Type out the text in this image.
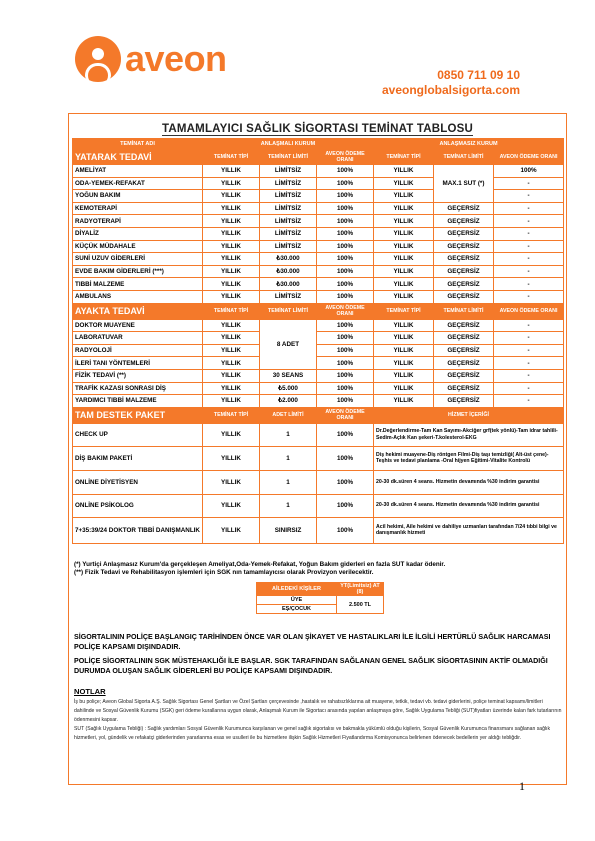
aveon	0850 711 09 10
aveonglobalsigorta.com
TAMAMLAYICI SAĞLIK SİGORTASI TEMİNAT TABLOSU
TEMİNAT ADI	ANLAŞMALI KURUM			ANLAŞMASIZ KURUM		
YATARAK TEDAVİ	TEMİNAT TİPİ	TEMİNAT LİMİTİ	AVEON ÖDEME ORANI	TEMİNAT TİPİ	TEMİNAT LİMİTİ	AVEON ÖDEME ORANI
AMELİYAT	YILLIK	LİMİTSİZ	100%	YILLIK	MAX.1 SUT (*)	100%
ODA-YEMEK-REFAKAT	YILLIK	LİMİTSİZ	100%	YILLIK		-
YOĞUN BAKIM	YILLIK	LİMİTSİZ	100%	YILLIK		-
KEMOTERAPİ	YILLIK	LİMİTSİZ	100%	YILLIK	GEÇERSİZ	-
RADYOTERAPİ	YILLIK	LİMİTSİZ	100%	YILLIK	GEÇERSİZ	-
DİYALİZ	YILLIK	LİMİTSİZ	100%	YILLIK	GEÇERSİZ	-
KÜÇÜK MÜDAHALE	YILLIK	LİMİTSİZ	100%	YILLIK	GEÇERSİZ	-
SUNİ UZUV GİDERLERİ	YILLIK	₺30.000	100%	YILLIK	GEÇERSİZ	-
EVDE BAKIM GİDERLERİ (***)	YILLIK	₺30.000	100%	YILLIK	GEÇERSİZ	-
TIBBİ MALZEME	YILLIK	₺30.000	100%	YILLIK	GEÇERSİZ	-
AMBULANS	YILLIK	LİMİTSİZ	100%	YILLIK	GEÇERSİZ	-
AYAKTA TEDAVİ	TEMİNAT TİPİ	TEMİNAT LİMİTİ	AVEON ÖDEME ORANI	TEMİNAT TİPİ	TEMİNAT LİMİTİ	AVEON ÖDEME ORANI
DOKTOR MUAYENE	YILLIK	8 ADET	100%	YILLIK	GEÇERSİZ	-
LABORATUVAR	YILLIK		100%	YILLIK	GEÇERSİZ	-
RADYOLOJİ	YILLIK		100%	YILLIK	GEÇERSİZ	-
İLERİ TANI YÖNTEMLERİ	YILLIK		100%	YILLIK	GEÇERSİZ	-
FİZİK TEDAVİ (**)	YILLIK	30 SEANS	100%	YILLIK	GEÇERSİZ	-
TRAFİK KAZASI SONRASI DİŞ	YILLIK	₺5.000	100%	YILLIK	GEÇERSİZ	-
YARDIMCI TIBBİ MALZEME	YILLIK	₺2.000	100%	YILLIK	GEÇERSİZ	-
TAM DESTEK PAKET	TEMİNAT TİPİ	ADET LİMİTİ	AVEON ÖDEME ORANI	HİZMET İÇERİĞİ		
CHECK UP	YILLIK	1	100%	Dr.Değerlendirme-Tam Kan Sayımı-Akciğer grf(tek yönlü)-Tam idrar tahlili-Sedim-Açlık Kan şekeri-T.kolesterol-EKG		
DİŞ BAKIM PAKETİ	YILLIK	1	100%	Diş hekimi muayene-Diş röntgen Filmi-Diş taşı temizliği( Alt-üst çene)- Teşhis ve tedavi planlama -Oral hijyen Eğitimi-Vitalite Kontrolü		
ONLİNE DİYETİSYEN	YILLIK	1	100%	20-30 dk.süren 4 seans. Hizmetin devamında %30 indirim garantisi		
ONLİNE PSİKOLOG	YILLIK	1	100%	20-30 dk.süren 4 seans. Hizmetin devamında %30 indirim garantisi		
7+35:39/24 DOKTOR TIBBİ DANIŞMANLIK	YILLIK	SINIRSIZ	100%	Acil hekimi, Aile hekimi ve dahiliye uzmanları tarafından 7/24 tıbbi bilgi ve danışmanlık hizmeti		
(*) Yurtiçi Anlaşmasız Kurum'da gerçekleşen Ameliyat,Oda-Yemek-Refakat, Yoğun Bakım giderleri en fazla SUT kadar ödenir.
(**) Fizik Tedavi ve Rehabilitasyon işlemleri için SGK nın tamamlayıcısı olarak Provizyon verilecektir.
AİLEDEKİ KİŞİLER	YT(Limitsiz) AT (8)
ÜYE	2.500 TL
EŞ/ÇOCUK	
SİGORTALININ POLİÇE BAŞLANGIÇ TARİHİNDEN ÖNCE VAR OLAN ŞİKAYET VE HASTALIKLARI İLE İLGİLİ HERTÜRLÜ SAĞLIK HARCAMASI POLİÇE KAPSAMI DIŞINDADIR.
POLİÇE SİGORTALININ SGK MÜSTEHAKLIĞI İLE BAŞLAR. SGK TARAFINDAN SAĞLANAN GENEL SAĞLIK SİGORTASININ AKTİF OLMADIĞI DURUMDA OLUŞAN SAĞLIK GİDERLERİ BU POLİÇE KAPSAMI DIŞINDADIR.
NOTLAR
İş bu poliçe; Aveon Global Sigorta A.Ş. Sağlık Sigortası Genel Şartları ve Özel Şartları çerçevesinde ,hastalık ve rahatsızlıklarına ait muayene, tetkik, tedavi vb. tedavi giderlerini, poliçe teminat kapsamı/limitleri dahilinde ve Sosyal Güvenlik Kurumu (SGK) geri ödeme kurallarına uygun olarak, Anlaşmalı Kurum ile Sigortacı arasında yapılan anlaşmaya göre, Sağlık Uygulama Tebliği (SUT)fiyatları üzerinde kalan fark tutarlarının ödenmesini kapsar.
SUT (Sağlık Uygulama Tebliği) : Sağlık yardımları Sosyal Güvenlik Kurumunca karşılanan ve genel sağlık sigortalısı ve bakmakla yükümlü olduğu kişilerin, Sosyal Güvenlik Kurumunca finansmanı sağlanan sağlık hizmetleri, yol, gündelik ve refakatçi giderlerinden yararlanma esas ve usulleri ile bu hizmetlere ilişkin Sağlık Hizmetleri Fiyatlandırma Komisyonunca belirlenen ödenecek bedellerin yer aldığı tebliğdir.
1
